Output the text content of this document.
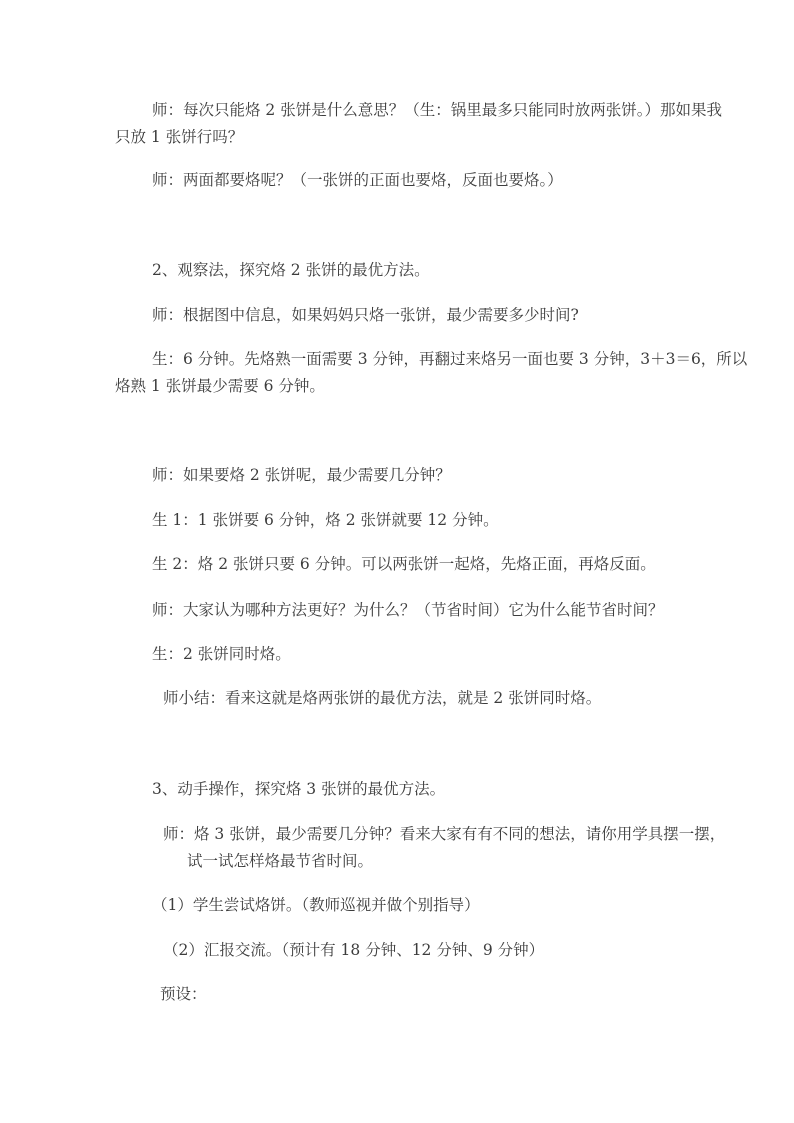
师：每次只能烙 2 张饼是什么意思？（生：锅里最多只能同时放两张饼。）那如果我
只放 1 张饼行吗？
师：两面都要烙呢？（一张饼的正面也要烙，反面也要烙。）
2、观察法，探究烙 2 张饼的最优方法。
师：根据图中信息，如果妈妈只烙一张饼，最少需要多少时间?
生：6 分钟。先烙熟一面需要 3 分钟，再翻过来烙另一面也要 3 分钟，3＋3＝6，所以
烙熟 1 张饼最少需要 6 分钟。
师：如果要烙 2 张饼呢，最少需要几分钟？
生 1：1 张饼要 6 分钟，烙 2 张饼就要 12 分钟。
生 2：烙 2 张饼只要 6 分钟。可以两张饼一起烙，先烙正面，再烙反面。
师：大家认为哪种方法更好？为什么？（节省时间）它为什么能节省时间？
生：2 张饼同时烙。
师小结：看来这就是烙两张饼的最优方法，就是 2 张饼同时烙。
3、动手操作，探究烙 3 张饼的最优方法。
师：烙 3 张饼，最少需要几分钟？看来大家有有不同的想法，请你用学具摆一摆，
试一试怎样烙最节省时间。
（1）学生尝试烙饼。（教师巡视并做个别指导）
（2）汇报交流。（预计有 18 分钟、12 分钟、9 分钟）
预设：
